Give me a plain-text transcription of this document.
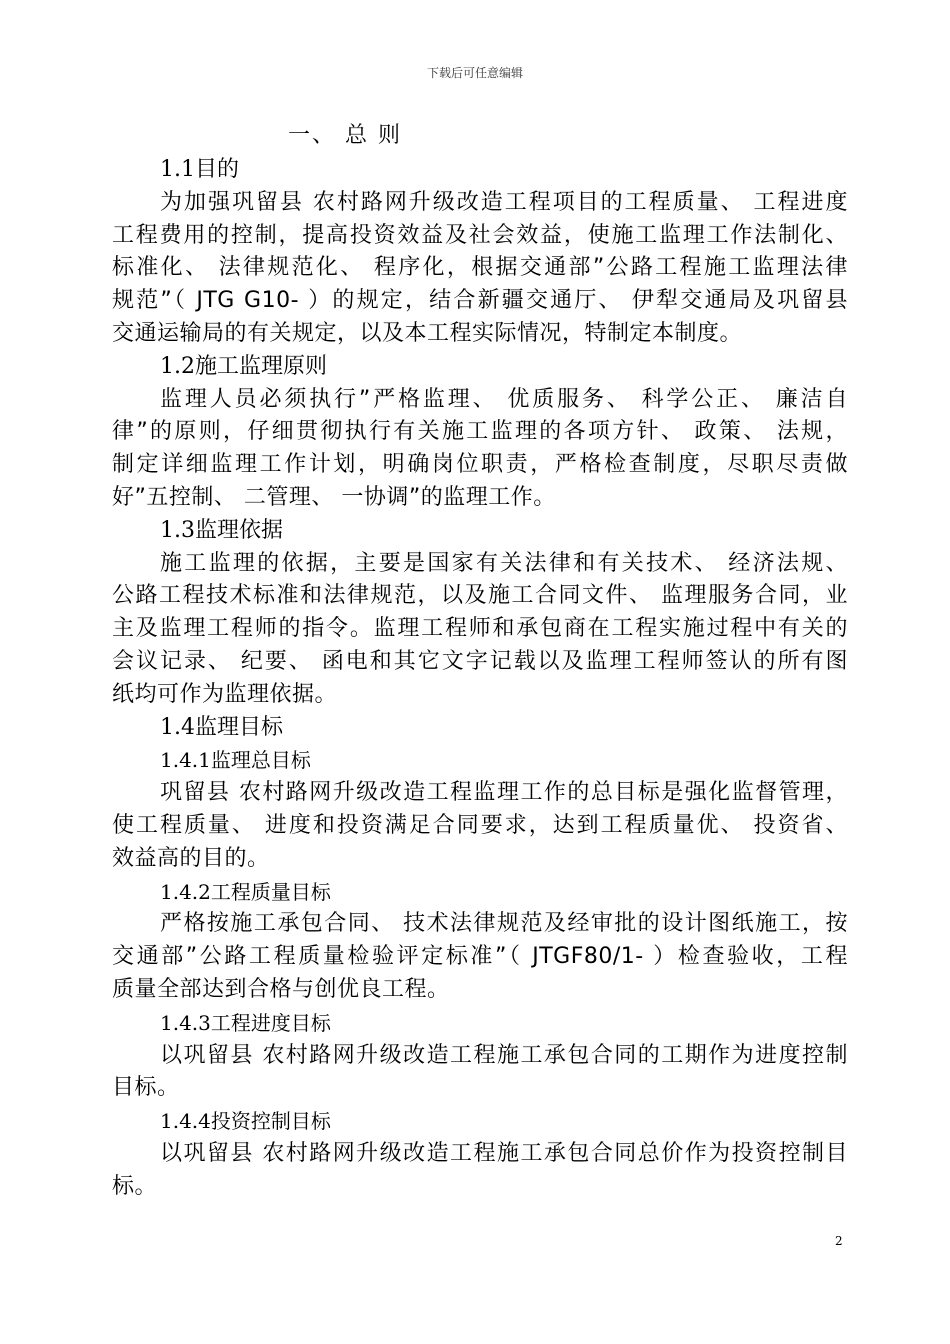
下载后可任意编辑
一、 总 则
1.1目的
为加强巩留县 农村路网升级改造工程项目的工程质量、 工程进度
工程费用的控制，提高投资效益及社会效益，使施工监理工作法制化、
标准化、 法律规范化、 程序化，根据交通部”公路工程施工监理法律
规范”（ JTG G10- ）的规定，结合新疆交通厅、 伊犁交通局及巩留县
交通运输局的有关规定，以及本工程实际情况，特制定本制度。
1.2施工监理原则
监理人员必须执行”严格监理、 优质服务、 科学公正、 廉洁自
律”的原则，仔细贯彻执行有关施工监理的各项方针、 政策、 法规，
制定详细监理工作计划，明确岗位职责，严格检查制度，尽职尽责做
好”五控制、 二管理、 一协调”的监理工作。
1.3监理依据
施工监理的依据，主要是国家有关法律和有关技术、 经济法规、
公路工程技术标准和法律规范，以及施工合同文件、 监理服务合同，业
主及监理工程师的指令。监理工程师和承包商在工程实施过程中有关的
会议记录、 纪要、 函电和其它文字记载以及监理工程师签认的所有图
纸均可作为监理依据。
1.4监理目标
1.4.1监理总目标
巩留县 农村路网升级改造工程监理工作的总目标是强化监督管理，
使工程质量、 进度和投资满足合同要求，达到工程质量优、 投资省、
效益高的目的。
1.4.2工程质量目标
严格按施工承包合同、 技术法律规范及经审批的设计图纸施工，按
交通部”公路工程质量检验评定标准”（ JTGF80/1- ）检查验收，工程
质量全部达到合格与创优良工程。
1.4.3工程进度目标
以巩留县 农村路网升级改造工程施工承包合同的工期作为进度控制
目标。
1.4.4投资控制目标
以巩留县 农村路网升级改造工程施工承包合同总价作为投资控制目
标。
2
